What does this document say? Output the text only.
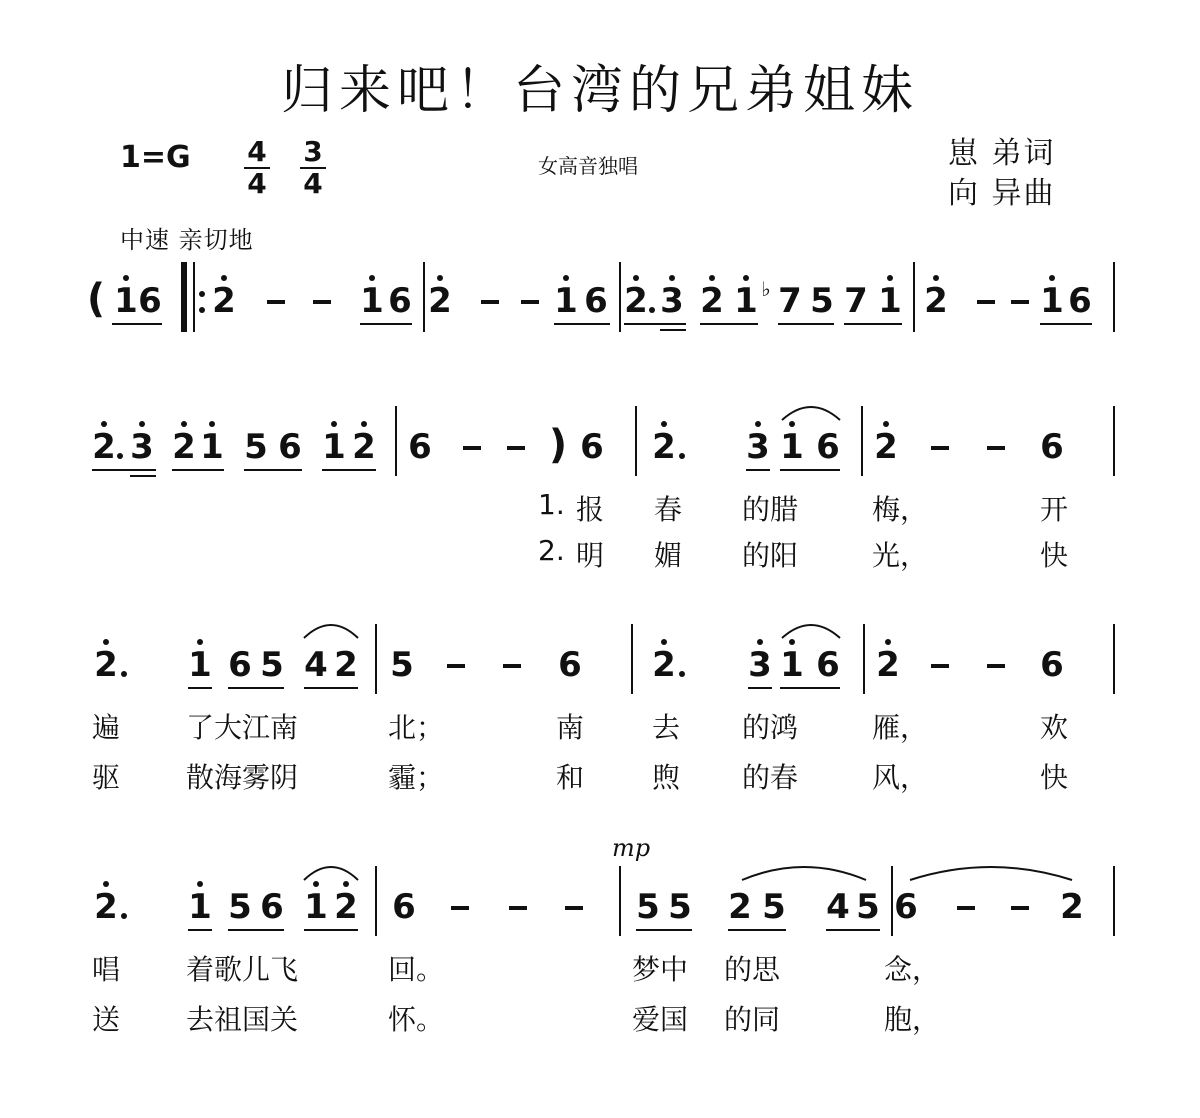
归来吧！台湾的兄弟姐妹
1=G 4
4
3
4
女高音独唱	崽 弟词
向 异曲
中速 亲切地
( 1 6 2	1 6 2	1 6 2 3 2 1 ♭ 7 5 7 1 2	1 6
2 3 2 1 5 6 1 2 6	) 6 2 3 1 6 2	6
2 1 6 5 4 2 5	6 2 3 1 6 2	6
2 1 5 6 1 2 6	5 5 2 5 4 5 6	2
1. 报 春 的腊	梅，	开
2. 明 媚 的阳	光，	快
遍 了大江南	北；	南 去 的鸿	雁，	欢
驱 散海雾阴	霾；	和 煦 的春	风，	快
mp
唱 着歌儿飞	回。	梦中 的思	念，
送 去祖国关	怀。	爱国 的同	胞，
